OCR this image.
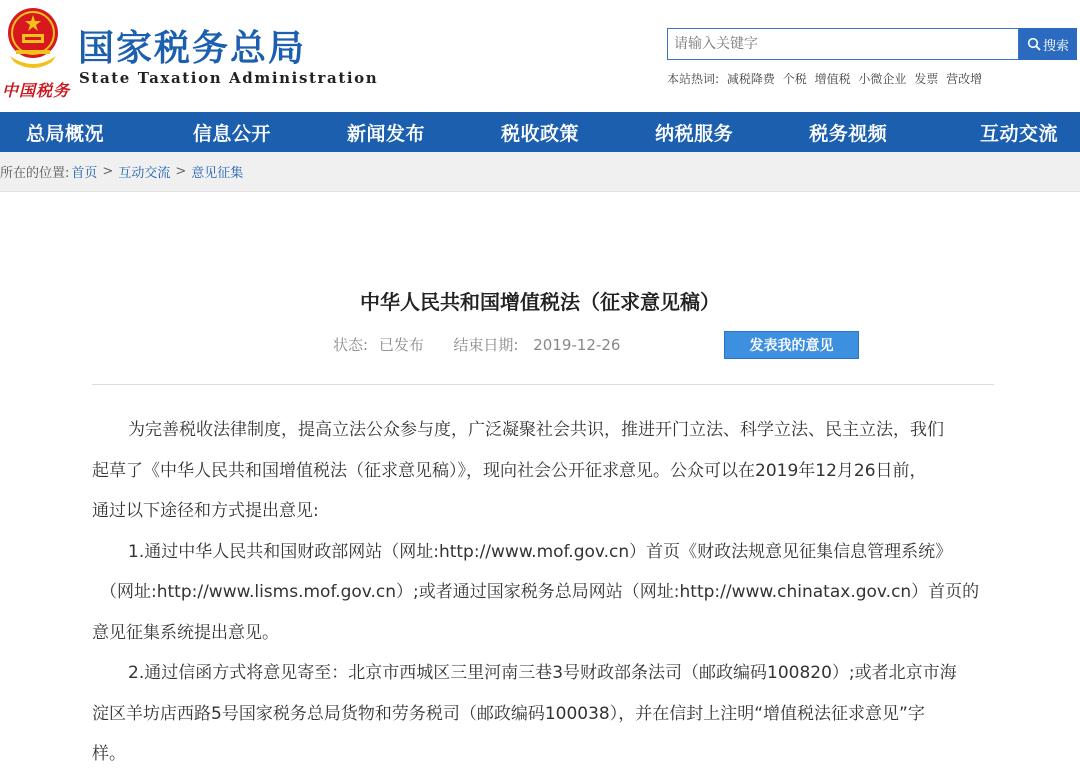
中国税务
国家税务总局
State Taxation Administration
请输入关键字
搜索
本站热词: 减税降费 个税 增值税 小微企业 发票 营改增
总局概况	信息公开	新闻发布	税收政策	纳税服务	税务视频	互动交流
所在的位置: 首页 > 互动交流 > 意见征集
中华人民共和国增值税法（征求意见稿）
状态: 已发布 结束日期: 2019-12-26	发表我的意见
为完善税收法律制度，提高立法公众参与度，广泛凝聚社会共识，推进开门立法、科学立法、民主立法，我们
起草了《中华人民共和国增值税法（征求意见稿）》，现向社会公开征求意见。公众可以在2019年12月26日前，
通过以下途径和方式提出意见:
1.通过中华人民共和国财政部网站（网址:http://www.mof.gov.cn）首页《财政法规意见征集信息管理系统》
（网址:http://www.lisms.mof.gov.cn）;或者通过国家税务总局网站（网址:http://www.chinatax.gov.cn）首页的
意见征集系统提出意见。
2.通过信函方式将意见寄至：北京市西城区三里河南三巷3号财政部条法司（邮政编码100820）;或者北京市海
淀区羊坊店西路5号国家税务总局货物和劳务税司（邮政编码100038），并在信封上注明“增值税法征求意见”字
样。
